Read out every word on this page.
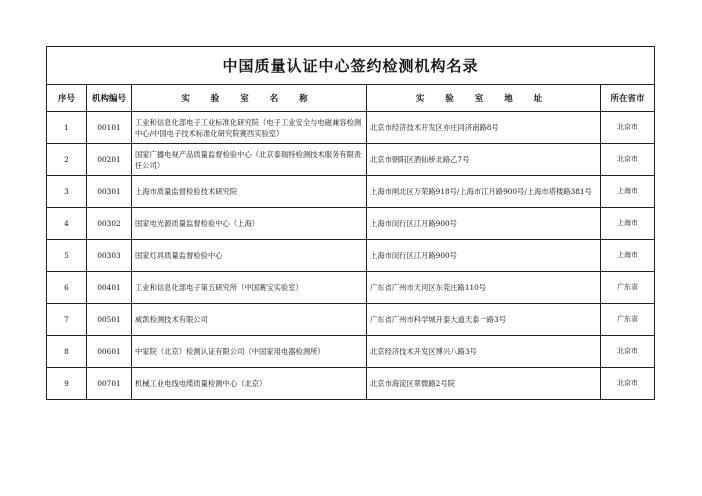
中国质量认证中心签约检测机构名录				
序号	机构编号	实 验 室 名 称	实 验 室 地 址	所在省市
1	00101	工业和信息化部电子工业标准化研究院（电子工业安全与电磁兼容检测中心/中国电子技术标准化研究院赛西实验室）	北京市经济技术开发区亦庄同济南路8号	北京市
2	00201	国家广播电视产品质量监督检验中心（北京泰瑞特检测技术服务有限责任公司）	北京市朝阳区酒仙桥北路乙7号	北京市
3	00301	上海市质量监督检验技术研究院	上海市闸北区万荣路918号/上海市江月路900号/上海市塔楼路381号	上海市
4	00302	国家电光源质量监督检验中心（上海）	上海市闵行区江月路900号	上海市
5	00303	国家灯具质量监督检验中心	上海市闵行区江月路900号	上海市
6	00401	工业和信息化部电子第五研究所（中国赛宝实验室）	广东省广州市天河区东莞庄路110号	广东省
7	00501	威凯检测技术有限公司	广东省广州市科学城开泰大道天泰一路3号	广东省
8	00601	中家院（北京）检测认证有限公司（中国家用电器检测所）	北京经济技术开发区博兴八路3号	北京市
9	00701	机械工业电线电缆质量检测中心（北京）	北京市海淀区翠微路2号院	北京市
